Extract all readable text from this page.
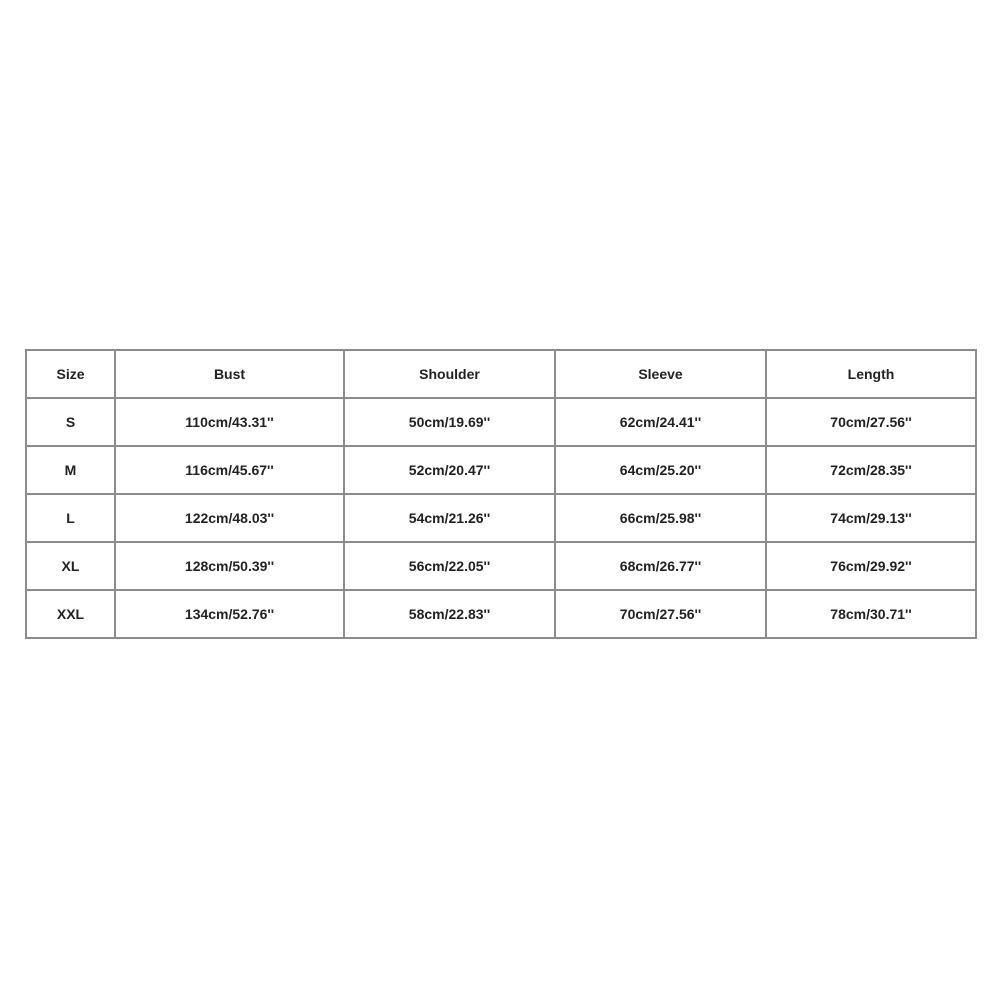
Size	Bust	Shoulder	Sleeve	Length
S	110cm/43.31''	50cm/19.69''	62cm/24.41''	70cm/27.56''
M	116cm/45.67''	52cm/20.47''	64cm/25.20''	72cm/28.35''
L	122cm/48.03''	54cm/21.26''	66cm/25.98''	74cm/29.13''
XL	128cm/50.39''	56cm/22.05''	68cm/26.77''	76cm/29.92''
XXL	134cm/52.76''	58cm/22.83''	70cm/27.56''	78cm/30.71''
